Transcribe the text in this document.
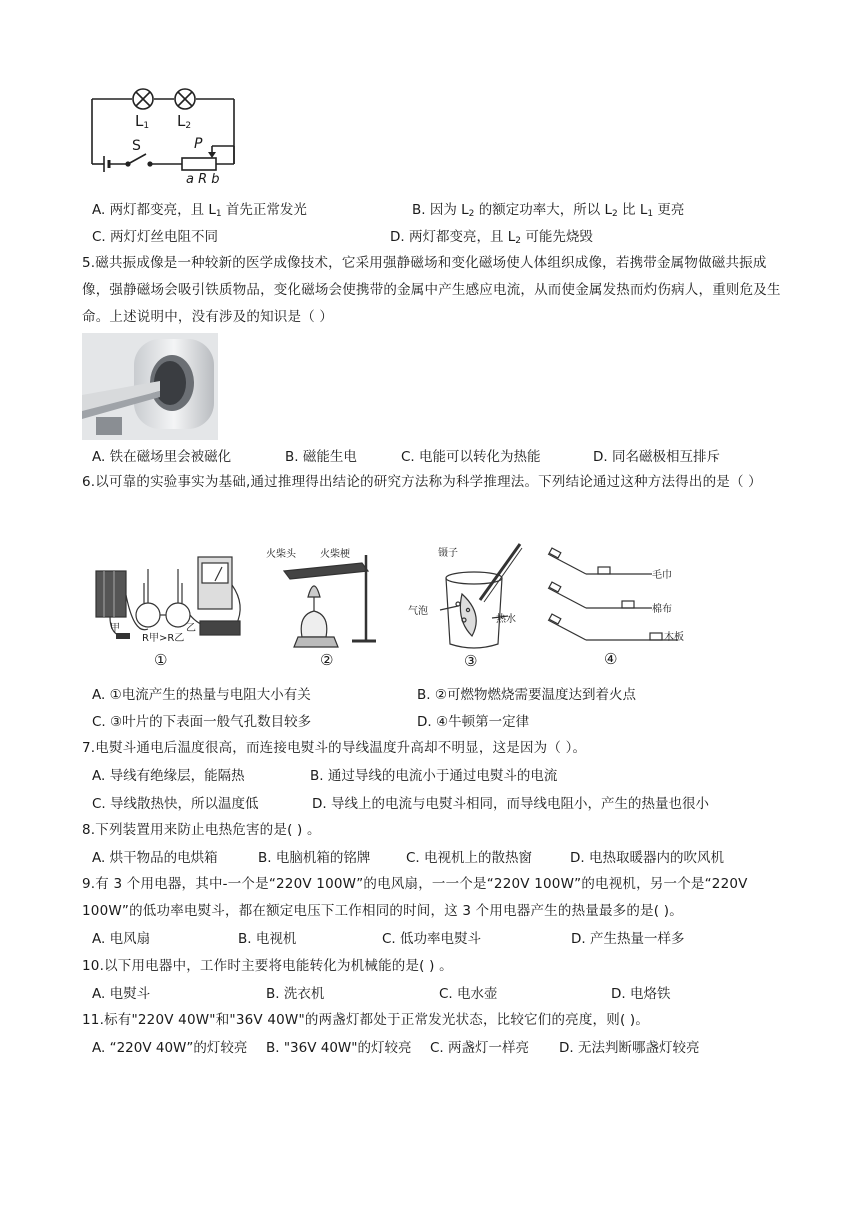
$L_1$ $L_2$
S	P
a R b
A. 两灯都变亮，且 $L_1$ 首先正常发光	B. 因为 $L_2$ 的额定功率大，所以 $L_2$ 比 $L_1$ 更亮
C. 两灯灯丝电阻不同	D. 两灯都变亮，且 $L_2$ 可能先烧毁
5.磁共振成像是一种较新的医学成像技术，它采用强静磁场和变化磁场使人体组织成像，若携带金属物做磁共振成像，强静磁场会吸引铁质物品，变化磁场会使携带的金属中产生感应电流，从而使金属发热而灼伤病人，重则危及生命。上述说明中，没有涉及的知识是（ ）
A. 铁在磁场里会被磁化	B. 磁能生电	C. 电能可以转化为热能	D. 同名磁极相互排斥
6.以可靠的实验事实为基础,通过推理得出结论的研究方法称为科学推理法。下列结论通过这种方法得出的是（ ）
甲	乙
R甲>R乙
①
火柴头 火柴梗
②
镊子
气泡
热水
③
毛巾
棉布
木板
④
A. ①电流产生的热量与电阻大小有关	B. ②可燃物燃烧需要温度达到着火点
C. ③叶片的下表面一般气孔数目较多	D. ④牛顿第一定律
7.电熨斗通电后温度很高，而连接电熨斗的导线温度升高却不明显，这是因为（ ）。
A. 导线有绝缘层，能隔热	B. 通过导线的电流小于通过电熨斗的电流
C. 导线散热快，所以温度低	D. 导线上的电流与电熨斗相同，而导线电阻小，产生的热量也很小
8.下列装置用来防止电热危害的是( ) 。
A. 烘干物品的电烘箱	B. 电脑机箱的铭牌	C. 电视机上的散热窗	D. 电热取暖器内的吹风机
9.有 3 个用电器，其中-一个是“220V 100W”的电风扇，一一个是“220V 100W”的电视机，另一个是“220V 100W”的低功率电熨斗，都在额定电压下工作相同的时间，这 3 个用电器产生的热量最多的是( )。
A. 电风扇	B. 电视机	C. 低功率电熨斗	D. 产生热量一样多
10.以下用电器中，工作时主要将电能转化为机械能的是( ) 。
A. 电熨斗	B. 洗衣机	C. 电水壶	D. 电烙铁
11.标有"220V 40W"和"36V 40W"的两盏灯都处于正常发光状态，比较它们的亮度，则( )。
A. “220V 40W”的灯较亮 B. "36V 40W"的灯较亮 C. 两盏灯一样亮 D. 无法判断哪盏灯较亮
